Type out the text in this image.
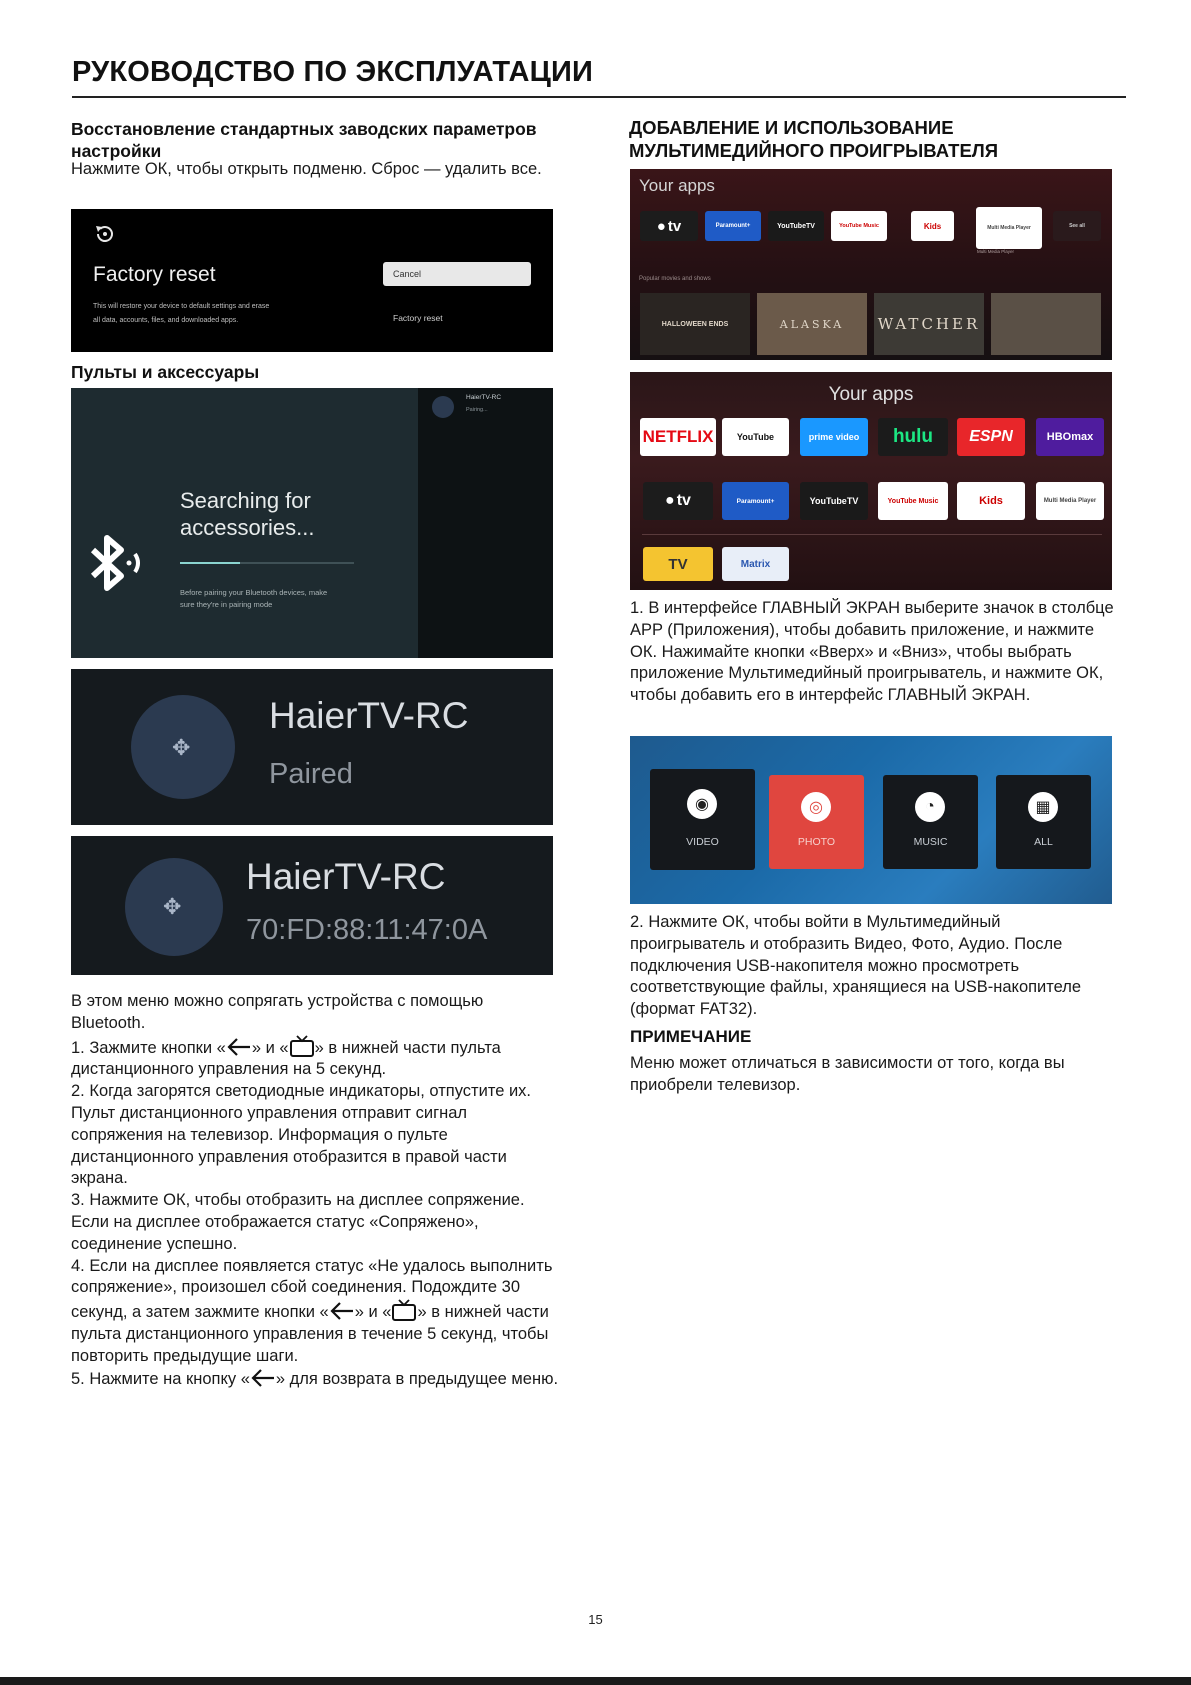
РУКОВОДСТВО ПО ЭКСПЛУАТАЦИИ
Восстановление стандартных заводских параметров настройки
Нажмите ОК, чтобы открыть подменю. Сброс — удалить все.
Factory reset
This will restore your device to default settings and erase
all data, accounts, files, and downloaded apps.
Cancel
Factory reset
Пульты и аксессуары
HaierTV-RC
Pairing...
Searching for
accessories...
Before pairing your Bluetooth devices, make
sure they're in pairing mode
✥
HaierTV-RC
Paired
✥
HaierTV-RC
70:FD:88:11:47:0A

В этом меню можно сопрягать устройства с помощью Bluetooth.

1. Зажмите кнопки « » и « » в нижней части пульта дистанционного управления на 5 секунд.

2. Когда загорятся светодиодные индикаторы, отпустите их. Пульт дистанционного управления отправит сигнал сопряжения на телевизор. Информация о пульте дистанционного управления отобразится в правой части экрана.

3. Нажмите ОК, чтобы отобразить на дисплее сопряжение. Если на дисплее отображается статус «Сопряжено», соединение успешно.

4. Если на дисплее появляется статус «Не удалось выполнить сопряжение», произошел сбой соединения. Подождите 30 секунд, а затем зажмите кнопки « » и « » в нижней части пульта дистанционного управления в течение 5 секунд, чтобы повторить предыдущие шаги.

5. Нажмите на кнопку « » для возврата в предыдущее меню.

ДОБАВЛЕНИЕ И ИСПОЛЬЗОВАНИЕ МУЛЬТИМЕДИЙНОГО ПРОИГРЫВАТЕЛЯ
Your apps
● tv	Paramount+	YouTubeTV	YouTube Music	Kids	Multi Media Player
Multi Media Player
See all
Popular movies and shows
HALLOWEEN ENDS	ALASKA	WATCHER
Your apps
NETFLIX	YouTube	prime video	hulu	ESPN	HBOmax
● tv	Paramount+	YouTubeTV	YouTube Music	Kids	Multi Media Player
TV	Matrix
1. В интерфейсе ГЛАВНЫЙ ЭКРАН выберите значок в столбце APP (Приложения), чтобы добавить приложение, и нажмите ОК. Нажимайте кнопки «Вверх» и «Вниз», чтобы выбрать приложение Мультимедийный проигрыватель, и нажмите ОК, чтобы добавить его в интерфейс ГЛАВНЫЙ ЭКРАН.
◉
VIDEO
◎
PHOTO
◔
MUSIC
▦
ALL
2. Нажмите ОК, чтобы войти в Мультимедийный проигрыватель и отобразить Видео, Фото, Аудио. После подключения USB-накопителя можно просмотреть соответствующие файлы, хранящиеся на USB-накопителе (формат FAT32).
ПРИМЕЧАНИЕ
Меню может отличаться в зависимости от того, когда вы приобрели телевизор.
15
